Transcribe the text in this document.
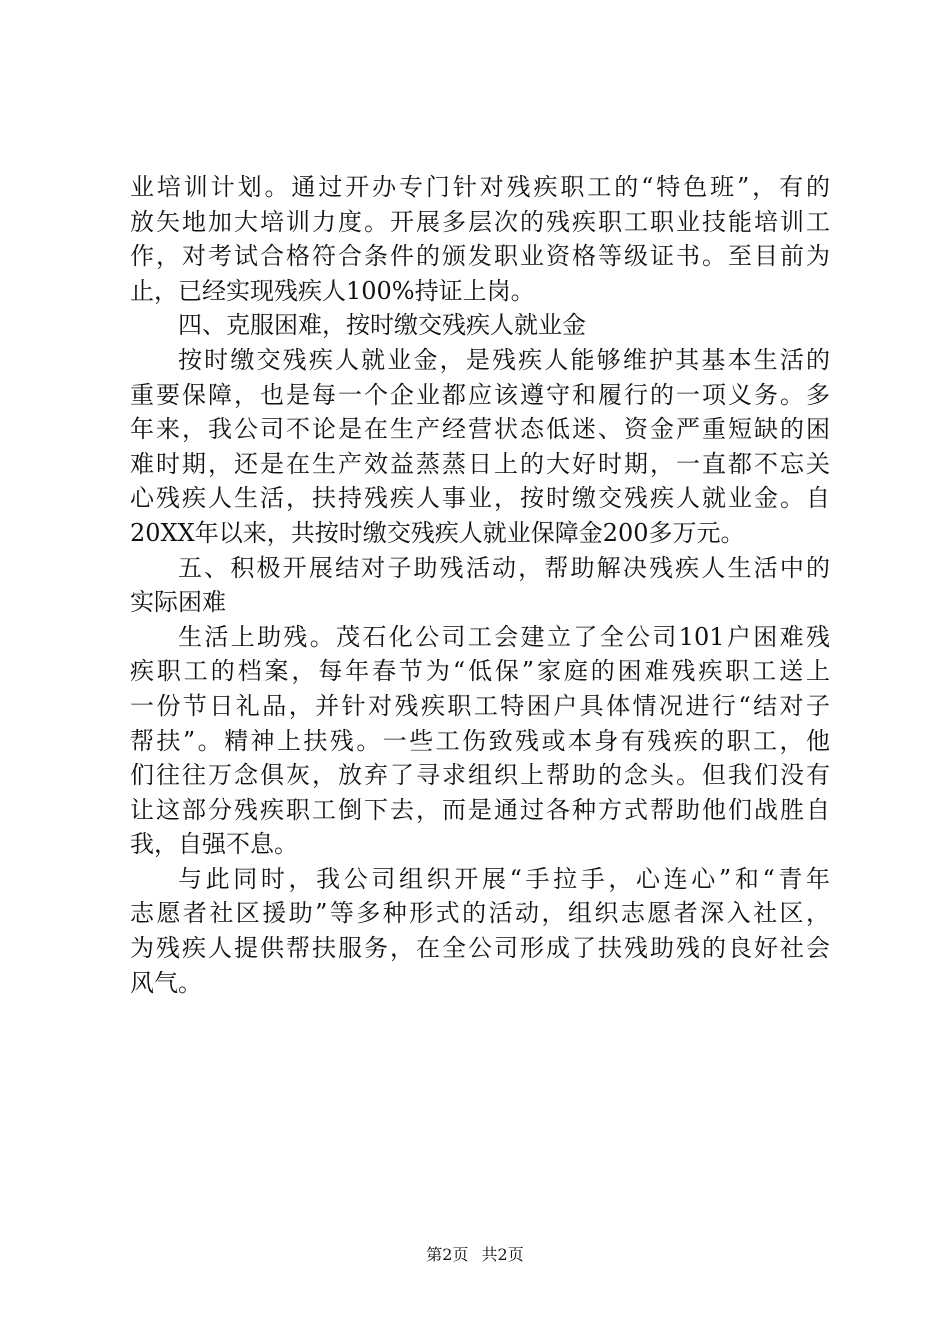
业培训计划。通过开办专门针对残疾职工的“特色班”，有的
放矢地加大培训力度。开展多层次的残疾职工职业技能培训工
作，对考试合格符合条件的颁发职业资格等级证书。至目前为
止，已经实现残疾人100%持证上岗。
四、克服困难，按时缴交残疾人就业金
按时缴交残疾人就业金，是残疾人能够维护其基本生活的
重要保障，也是每一个企业都应该遵守和履行的一项义务。多
年来，我公司不论是在生产经营状态低迷、资金严重短缺的困
难时期，还是在生产效益蒸蒸日上的大好时期，一直都不忘关
心残疾人生活，扶持残疾人事业，按时缴交残疾人就业金。自
20XX年以来，共按时缴交残疾人就业保障金200多万元。
五、积极开展结对子助残活动，帮助解决残疾人生活中的
实际困难
生活上助残。茂石化公司工会建立了全公司101户困难残
疾职工的档案，每年春节为“低保”家庭的困难残疾职工送上
一份节日礼品，并针对残疾职工特困户具体情况进行“结对子
帮扶”。精神上扶残。一些工伤致残或本身有残疾的职工，他
们往往万念俱灰，放弃了寻求组织上帮助的念头。但我们没有
让这部分残疾职工倒下去，而是通过各种方式帮助他们战胜自
我，自强不息。
与此同时，我公司组织开展“手拉手，心连心”和“青年
志愿者社区援助”等多种形式的活动，组织志愿者深入社区，
为残疾人提供帮扶服务，在全公司形成了扶残助残的良好社会
风气。
第2页 共2页
